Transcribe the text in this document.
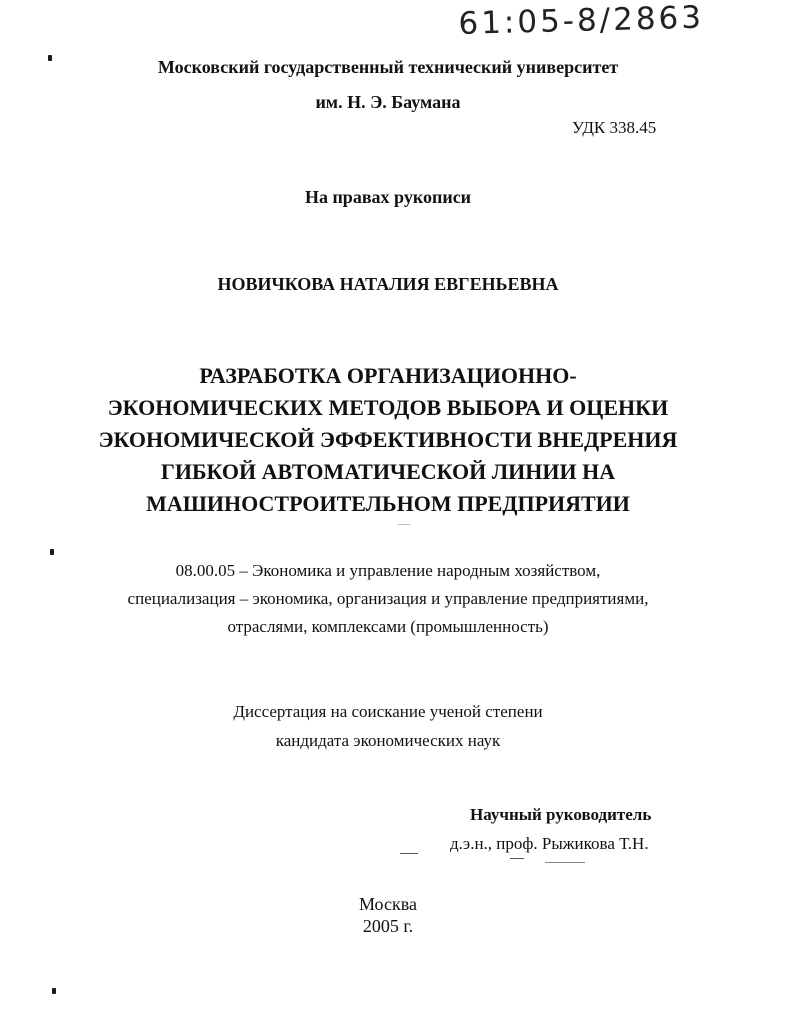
61:05-8/2863
Московский государственный технический университет
им. Н. Э. Баумана
УДК 338.45
На правах рукописи
НОВИЧКОВА НАТАЛИЯ ЕВГЕНЬЕВНА
РАЗРАБОТКА ОРГАНИЗАЦИОННО-
ЭКОНОМИЧЕСКИХ МЕТОДОВ ВЫБОРА И ОЦЕНКИ
ЭКОНОМИЧЕСКОЙ ЭФФЕКТИВНОСТИ ВНЕДРЕНИЯ
ГИБКОЙ АВТОМАТИЧЕСКОЙ ЛИНИИ НА
МАШИНОСТРОИТЕЛЬНОМ ПРЕДПРИЯТИИ
08.00.05 – Экономика и управление народным хозяйством,
специализация – экономика, организация и управление предприятиями,
отраслями, комплексами (промышленность)
Диссертация на соискание ученой степени
кандидата экономических наук
Научный руководитель
д.э.н., проф. Рыжикова Т.Н.
Москва
2005 г.
